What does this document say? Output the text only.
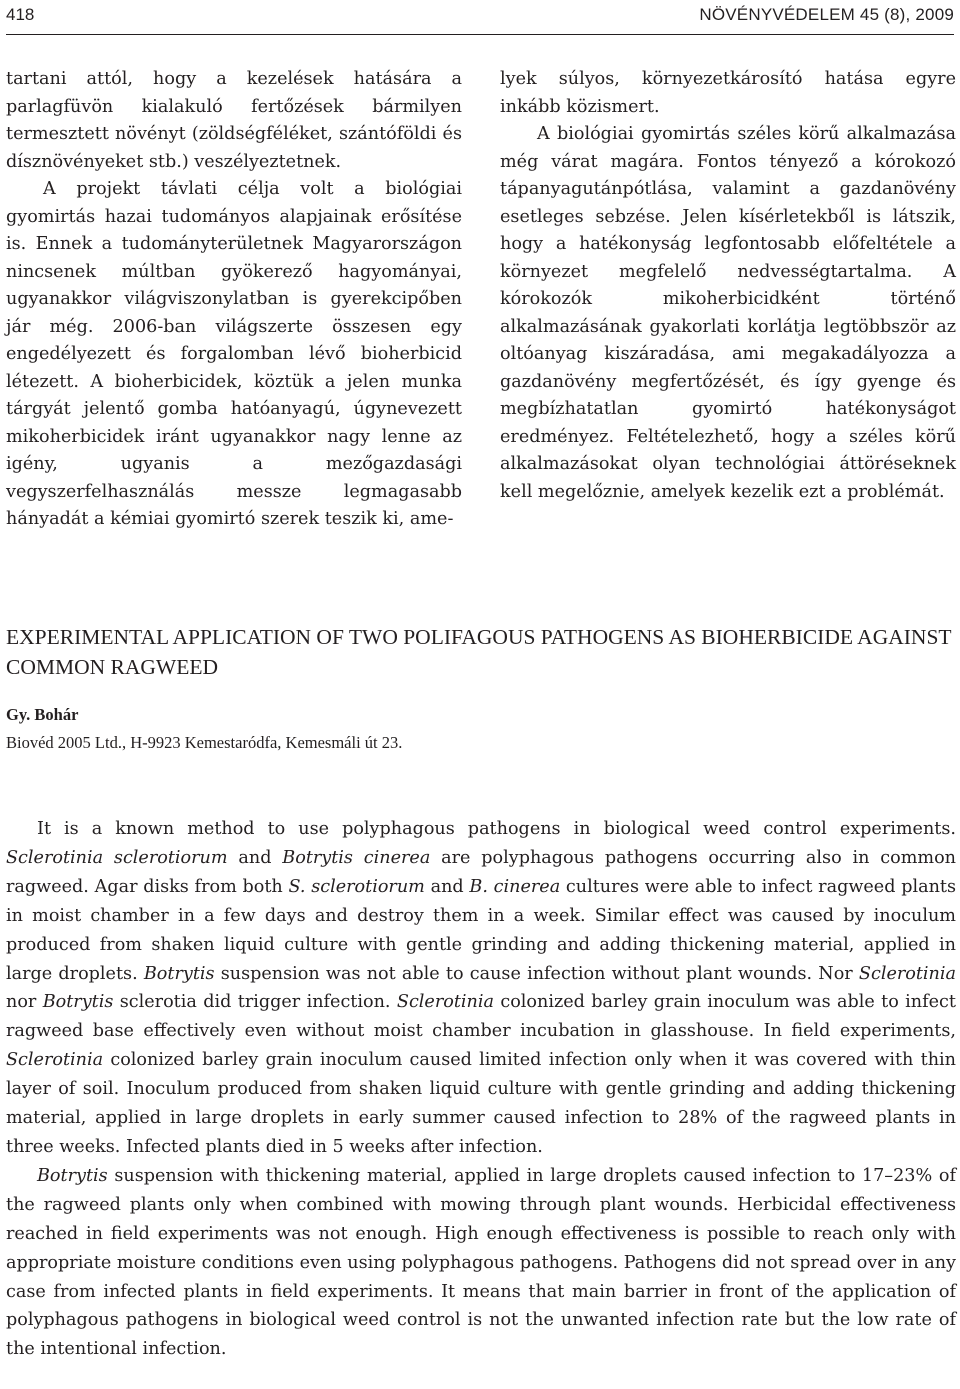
418	NÖVÉNYVÉDELEM 45 (8), 2009

tartani attól, hogy a kezelések hatására a parlagfüvön kialakuló fertőzések bármilyen termesztett növényt (zöldségféléket, szántóföldi és dísznövényeket stb.) veszélyeztetnek.

A projekt távlati célja volt a biológiai gyomirtás hazai tudományos alapjainak erősítése is. Ennek a tudományterületnek Magyarországon nincsenek múltban gyökerező hagyományai, ugyanakkor világviszonylatban is gyerekcipőben jár még. 2006-ban világszerte összesen egy engedélyezett és forgalomban lévő bioherbicid létezett. A bioherbicidek, köztük a jelen munka tárgyát jelentő gomba hatóanyagú, úgynevezett mikoherbicidek iránt ugyanakkor nagy lenne az igény, ugyanis a mezőgazdasági vegyszerfelhasználás messze legmagasabb hányadát a kémiai gyomirtó szerek teszik ki, ame-

lyek súlyos, környezetkárosító hatása egyre inkább közismert.

A biológiai gyomirtás széles körű alkalmazása még várat magára. Fontos tényező a kórokozó tápanyagutánpótlása, valamint a gazdanövény esetleges sebzése. Jelen kísérletekből is látszik, hogy a hatékonyság legfontosabb előfeltétele a környezet megfelelő nedvességtartalma. A kórokozók mikoherbicidként történő alkalmazásának gyakorlati korlátja legtöbbször az oltóanyag kiszáradása, ami megakadályozza a gazdanövény megfertőzését, és így gyenge és megbízhatatlan gyomirtó hatékonyságot eredményez. Feltételezhető, hogy a széles körű alkalmazásokat olyan technológiai áttöréseknek kell megelőznie, amelyek kezelik ezt a problémát.

EXPERIMENTAL APPLICATION OF TWO POLIFAGOUS PATHOGENS AS BIOHERBICIDE AGAINST COMMON RAGWEED
Gy. Bohár
Biovéd 2005 Ltd., H-9923 Kemestaródfa, Kemesmáli út 23.

It is a known method to use polyphagous pathogens in biological weed control experiments. Sclerotinia sclerotiorum and Botrytis cinerea are polyphagous pathogens occurring also in common ragweed. Agar disks from both S. sclerotiorum and B. cinerea cultures were able to infect ragweed plants in moist chamber in a few days and destroy them in a week. Similar effect was caused by inoculum produced from shaken liquid culture with gentle grinding and adding thickening material, applied in large droplets. Botrytis suspension was not able to cause infection without plant wounds. Nor Sclerotinia nor Botrytis sclerotia did trigger infection. Sclerotinia colonized barley grain inoculum was able to infect ragweed base effectively even without moist chamber incubation in glasshouse. In field experiments, Sclerotinia colonized barley grain inoculum caused limited infection only when it was covered with thin layer of soil. Inoculum produced from shaken liquid culture with gentle grinding and adding thickening material, applied in large droplets in early summer caused infection to 28% of the ragweed plants in three weeks. Infected plants died in 5 weeks after infection.

Botrytis suspension with thickening material, applied in large droplets caused infection to 17–23% of the ragweed plants only when combined with mowing through plant wounds. Herbicidal effectiveness reached in field experiments was not enough. High enough effectiveness is possible to reach only with appropriate moisture conditions even using polyphagous pathogens. Pathogens did not spread over in any case from infected plants in field experiments. It means that main barrier in front of the application of polyphagous pathogens in biological weed control is not the unwanted infection rate but the low rate of the intentional infection.
